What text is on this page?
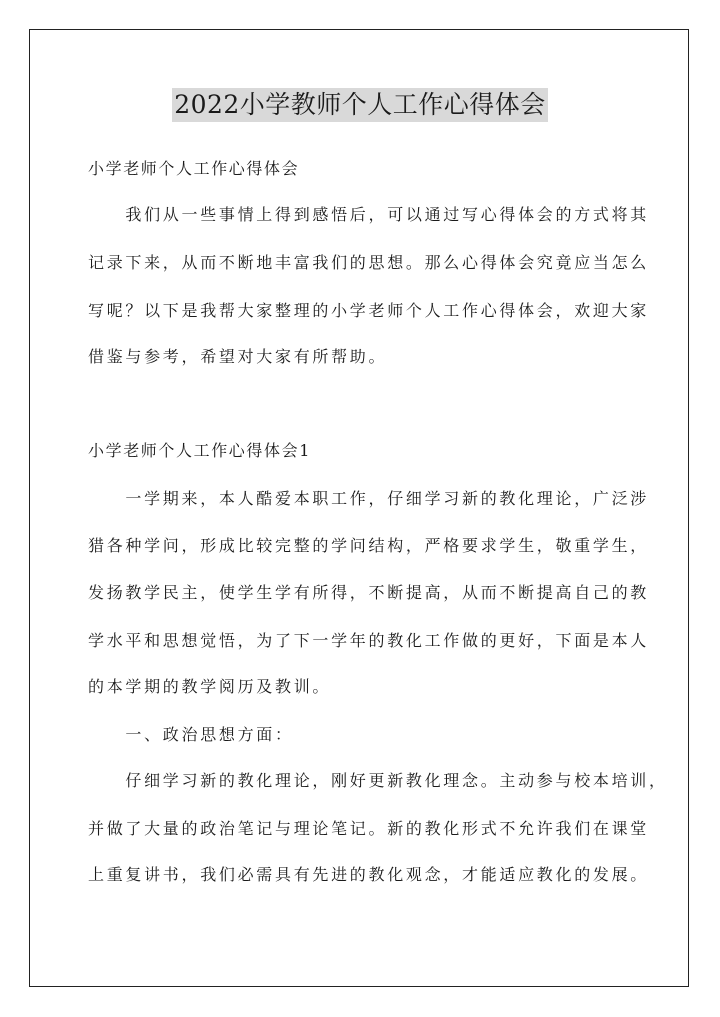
2022小学教师个人工作心得体会
小学老师个人工作心得体会
　　我们从一些事情上得到感悟后，可以通过写心得体会的方式将其
记录下来，从而不断地丰富我们的思想。那么心得体会究竟应当怎么
写呢？以下是我帮大家整理的小学老师个人工作心得体会，欢迎大家
借鉴与参考，希望对大家有所帮助。
小学老师个人工作心得体会1
　　一学期来，本人酷爱本职工作，仔细学习新的教化理论，广泛涉
猎各种学问，形成比较完整的学问结构，严格要求学生，敬重学生，
发扬教学民主，使学生学有所得，不断提高，从而不断提高自己的教
学水平和思想觉悟，为了下一学年的教化工作做的更好，下面是本人
的本学期的教学阅历及教训。
　　一、政治思想方面：
　　仔细学习新的教化理论，刚好更新教化理念。主动参与校本培训，
并做了大量的政治笔记与理论笔记。新的教化形式不允许我们在课堂
上重复讲书，我们必需具有先进的教化观念，才能适应教化的发展。
